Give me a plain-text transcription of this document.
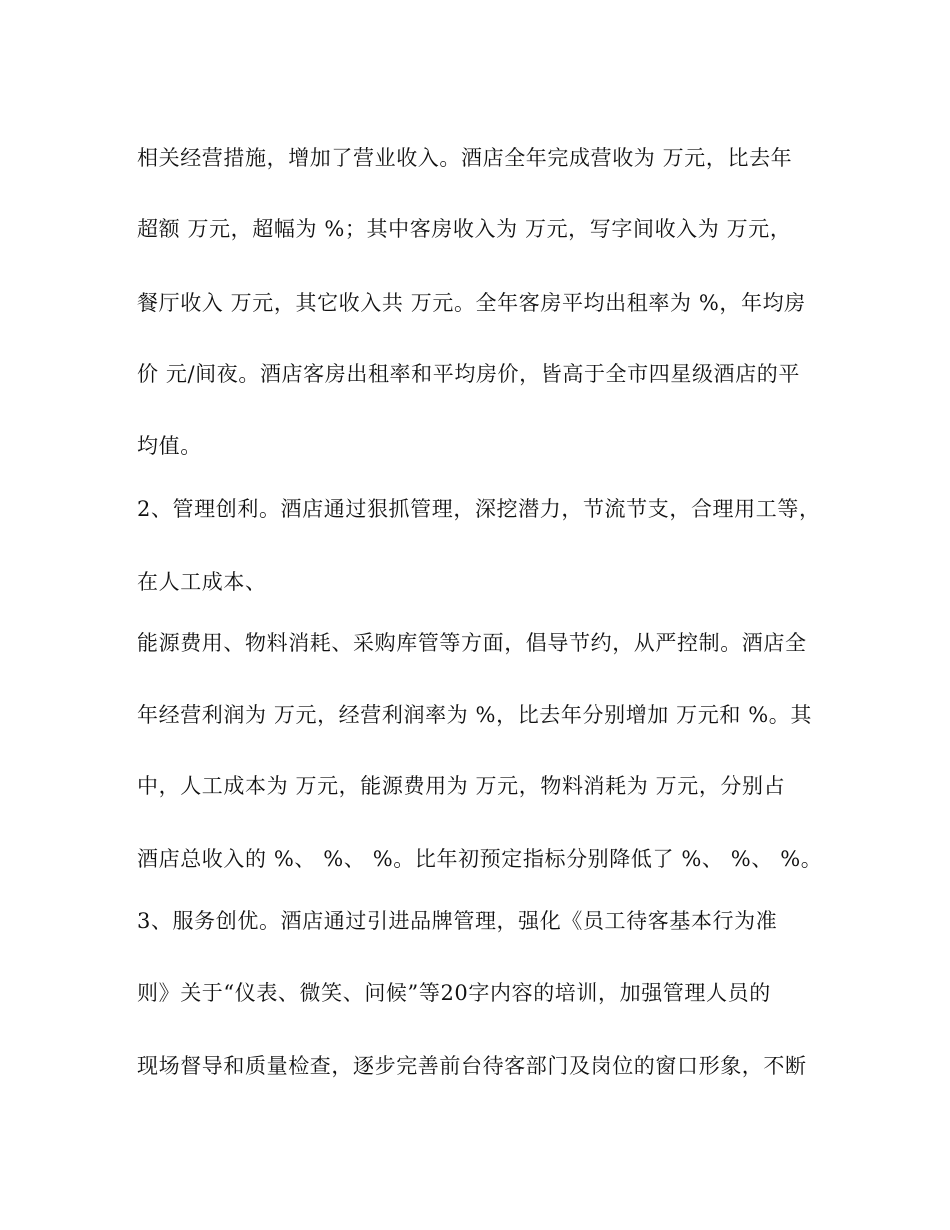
相关经营措施，增加了营业收入。酒店全年完成营收为 万元，比去年
超额 万元，超幅为 %；其中客房收入为 万元，写字间收入为 万元，
餐厅收入 万元，其它收入共 万元。全年客房平均出租率为 %，年均房
价 元/间夜。酒店客房出租率和平均房价，皆高于全市四星级酒店的平
均值。
2、管理创利。酒店通过狠抓管理，深挖潜力，节流节支，合理用工等，
在人工成本、
能源费用、物料消耗、采购库管等方面，倡导节约，从严控制。酒店全
年经营利润为 万元，经营利润率为 %，比去年分别增加 万元和 %。其
中，人工成本为 万元，能源费用为 万元，物料消耗为 万元，分别占
酒店总收入的 %、 %、 %。比年初预定指标分别降低了 %、 %、 %。
3、服务创优。酒店通过引进品牌管理，强化《员工待客基本行为准
则》关于“仪表、微笑、问候”等20字内容的培训，加强管理人员的
现场督导和质量检查，逐步完善前台待客部门及岗位的窗口形象，不断
